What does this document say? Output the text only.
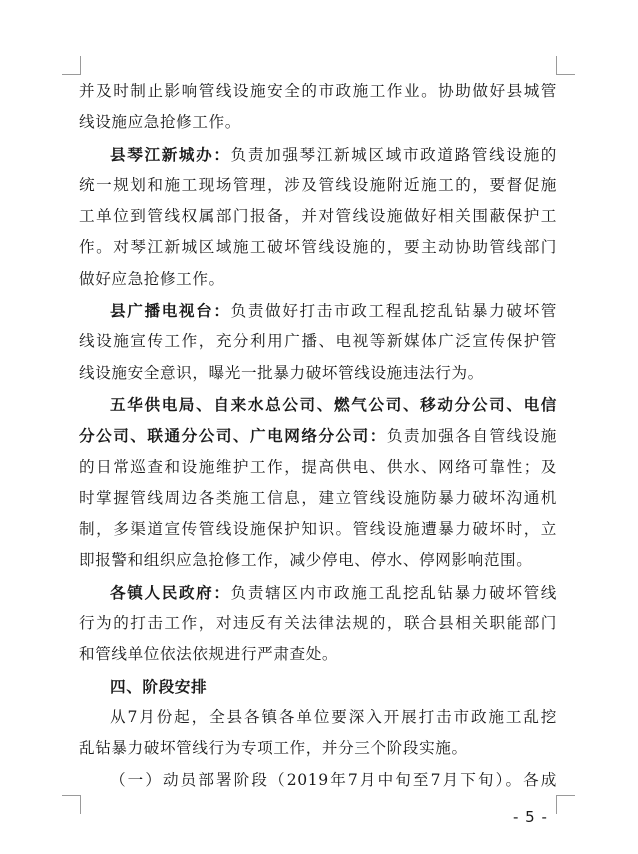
并及时制止影响管线设施安全的市政施工作业。协助做好县城管
线设施应急抢修工作。
县琴江新城办：负责加强琴江新城区域市政道路管线设施的
统一规划和施工现场管理，涉及管线设施附近施工的，要督促施
工单位到管线权属部门报备，并对管线设施做好相关围蔽保护工
作。对琴江新城区域施工破坏管线设施的，要主动协助管线部门
做好应急抢修工作。
县广播电视台：负责做好打击市政工程乱挖乱钻暴力破坏管
线设施宣传工作，充分利用广播、电视等新媒体广泛宣传保护管
线设施安全意识，曝光一批暴力破坏管线设施违法行为。
五华供电局、自来水总公司、燃气公司、移动分公司、电信
分公司、联通分公司、广电网络分公司：负责加强各自管线设施
的日常巡查和设施维护工作，提高供电、供水、网络可靠性；及
时掌握管线周边各类施工信息，建立管线设施防暴力破坏沟通机
制，多渠道宣传管线设施保护知识。管线设施遭暴力破坏时，立
即报警和组织应急抢修工作，减少停电、停水、停网影响范围。
各镇人民政府：负责辖区内市政施工乱挖乱钻暴力破坏管线
行为的打击工作，对违反有关法律法规的，联合县相关职能部门
和管线单位依法依规进行严肃查处。
四、阶段安排
从7月份起，全县各镇各单位要深入开展打击市政施工乱挖
乱钻暴力破坏管线行为专项工作，并分三个阶段实施。
（一）动员部署阶段（2019年7月中旬至7月下旬）。各成
- 5 -
